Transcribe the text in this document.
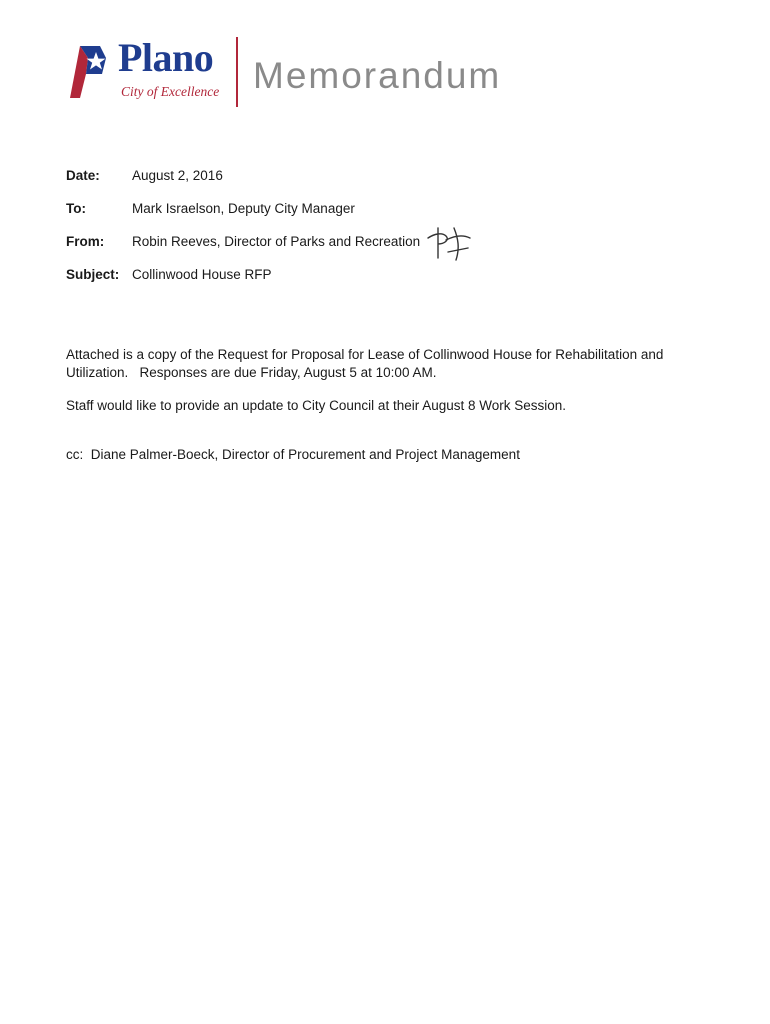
Plano
City of Excellence Memorandum
Date: August 2, 2016
To:	Mark Israelson, Deputy City Manager
From: Robin Reeves, Director of Parks and Recreation
Subject: Collinwood House RFP
Attached is a copy of the Request for Proposal for Lease of Collinwood House for Rehabilitation and
Utilization.   Responses are due Friday, August 5 at 10:00 AM.
Staff would like to provide an update to City Council at their August 8 Work Session.
cc:  Diane Palmer-Boeck, Director of Procurement and Project Management
